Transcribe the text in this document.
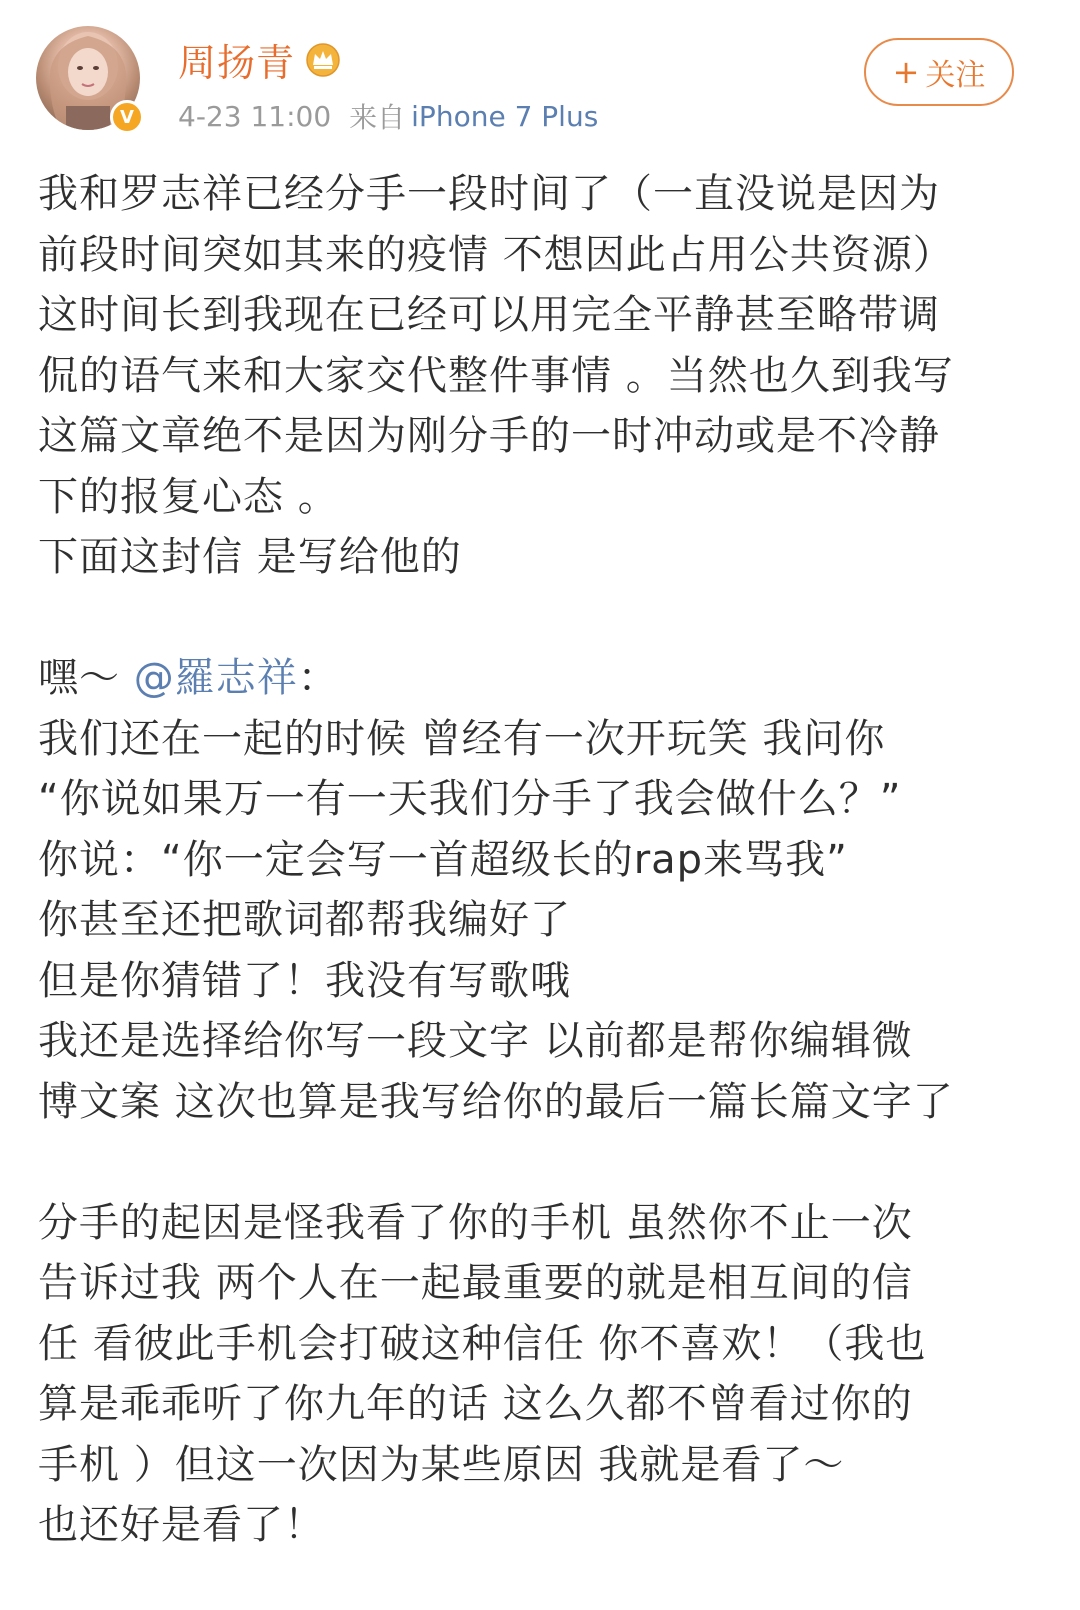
V
周扬青
4-23 11:00 来自 iPhone 7 Plus
+ 关注
我和罗志祥已经分手一段时间了（一直没说是因为
前段时间突如其来的疫情 不想因此占用公共资源）
这时间长到我现在已经可以用完全平静甚至略带调
侃的语气来和大家交代整件事情 。当然也久到我写
这篇文章绝不是因为刚分手的一时冲动或是不冷静
下的报复心态 。
下面这封信 是写给他的
嘿～ @羅志祥：
我们还在一起的时候 曾经有一次开玩笑 我问你
“你说如果万一有一天我们分手了我会做什么？”
你说：“你一定会写一首超级长的rap来骂我”
你甚至还把歌词都帮我编好了
但是你猜错了！我没有写歌哦
我还是选择给你写一段文字 以前都是帮你编辑微
博文案 这次也算是我写给你的最后一篇长篇文字了
分手的起因是怪我看了你的手机 虽然你不止一次
告诉过我 两个人在一起最重要的就是相互间的信
任 看彼此手机会打破这种信任 你不喜欢！（我也
算是乖乖听了你九年的话 这么久都不曾看过你的
手机 ）但这一次因为某些原因 我就是看了～
也还好是看了！
